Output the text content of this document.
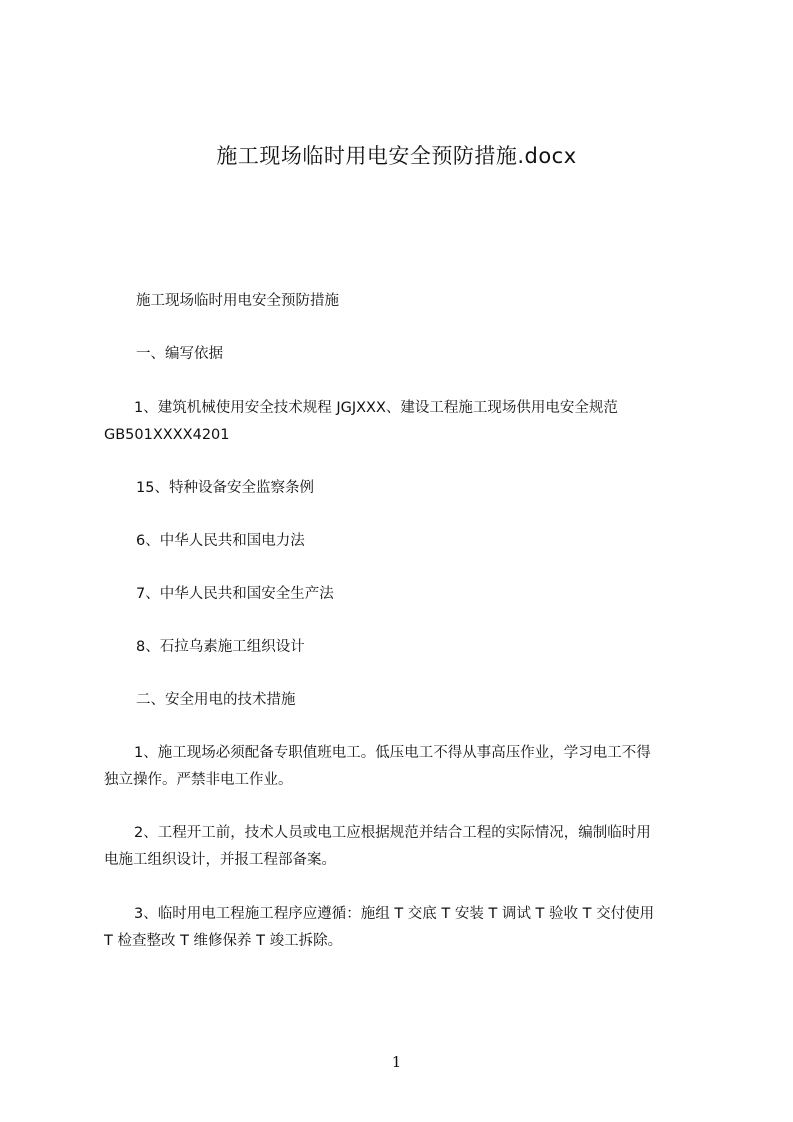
施工现场临时用电安全预防措施.docx
施工现场临时用电安全预防措施
一、编写依据
1、建筑机械使用安全技术规程 JGJXXX、建设工程施工现场供用电安全规范
GB501XXXX4201
15、特种设备安全监察条例
6、中华人民共和国电力法
7、中华人民共和国安全生产法
8、石拉乌素施工组织设计
二、安全用电的技术措施
1、施工现场必须配备专职值班电工。低压电工不得从事高压作业，学习电工不得
独立操作。严禁非电工作业。
2、工程开工前，技术人员或电工应根据规范并结合工程的实际情况，编制临时用
电施工组织设计，并报工程部备案。
3、临时用电工程施工程序应遵循：施组 T 交底 T 安装 T 调试 T 验收 T 交付使用
T 检查整改 T 维修保养 T 竣工拆除。
1
